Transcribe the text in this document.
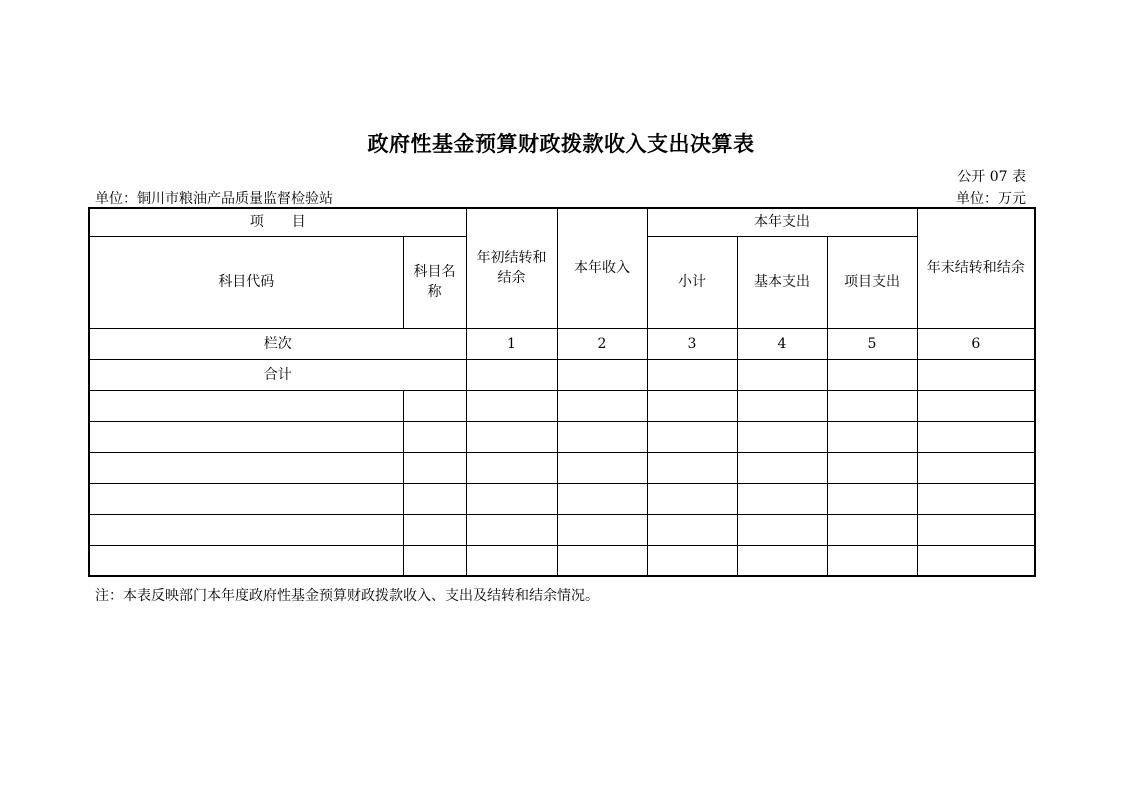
政府性基金预算财政拨款收入支出决算表
公开 07 表
单位：铜川市粮油产品质量监督检验站	单位：万元
项　　目		年初结转和结余	本年收入	本年支出			年末结转和结余
科目代码	科目名称			小计	基本支出	项目支出	
栏次		1	2	3	4	5	6
合计							

注：本表反映部门本年度政府性基金预算财政拨款收入、支出及结转和结余情况。
